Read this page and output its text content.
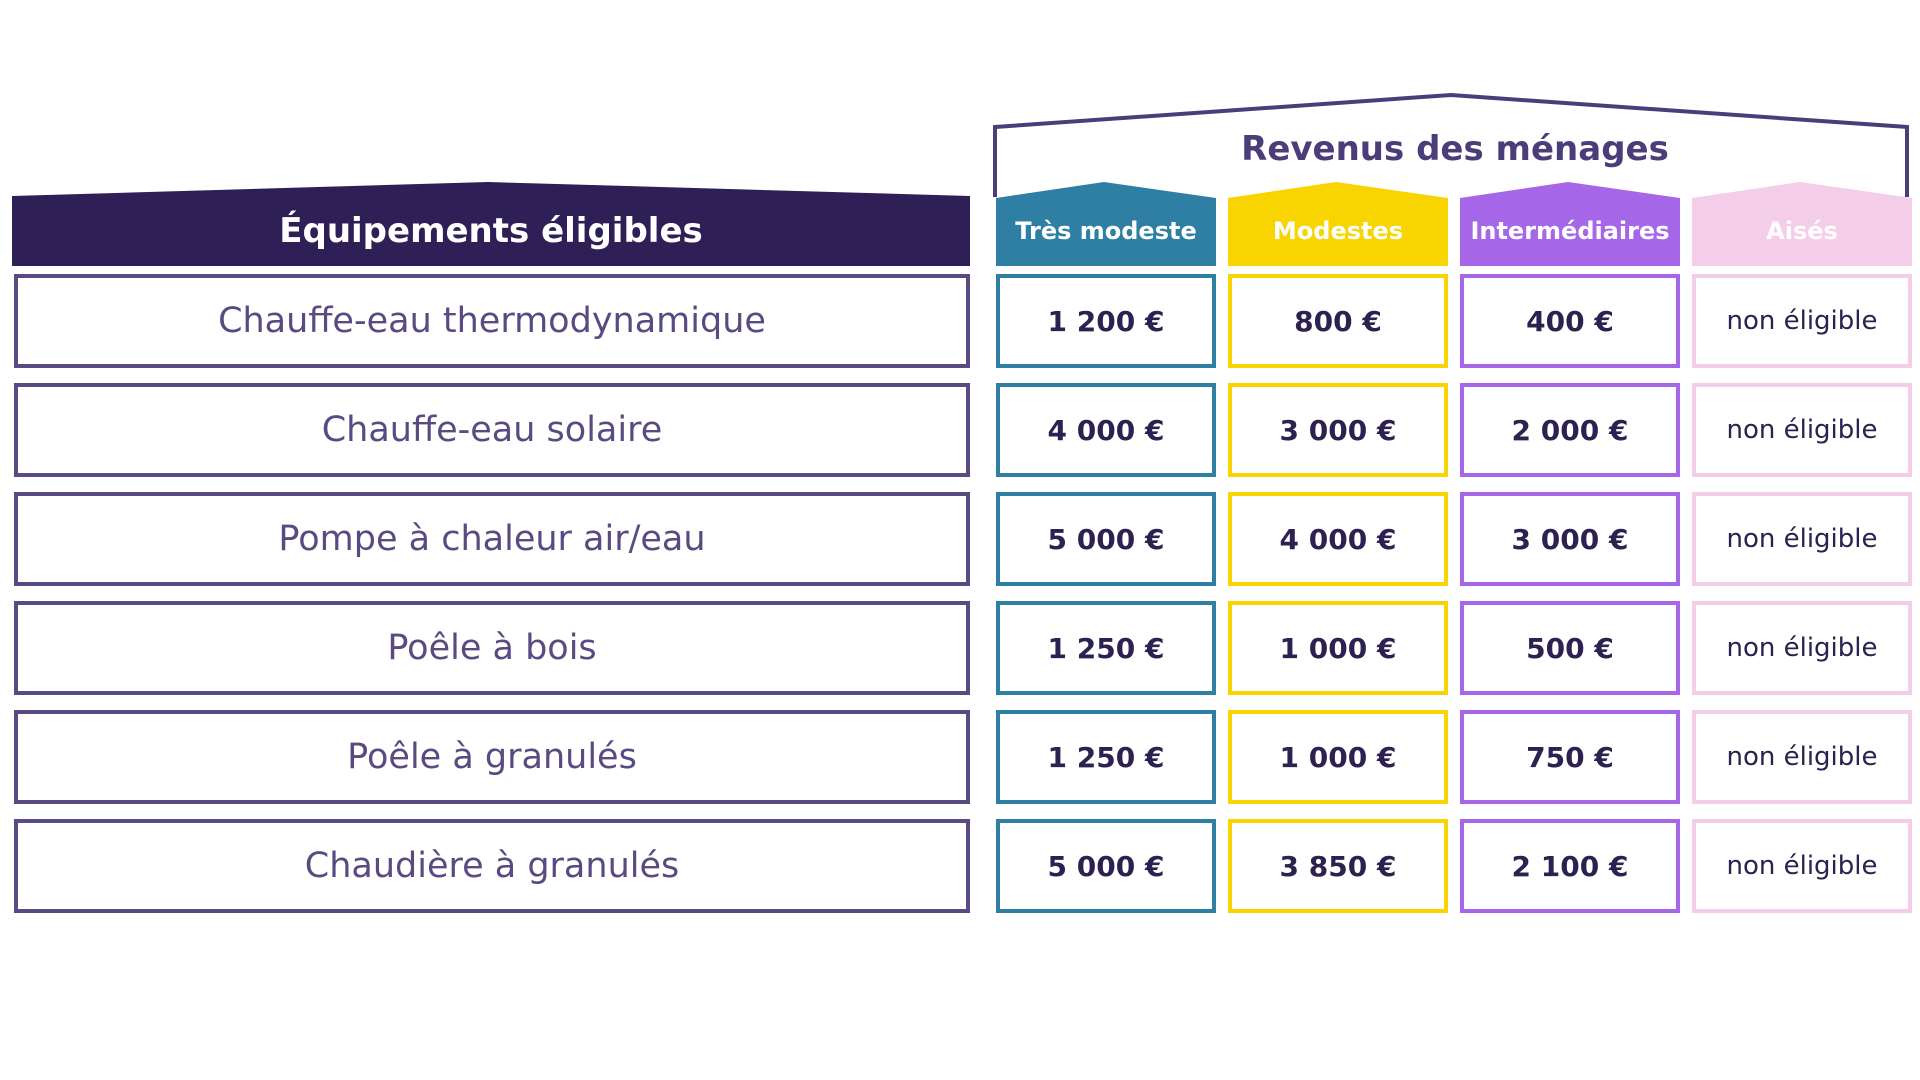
Équipements éligibles
Revenus des ménages
Très modeste	Modestes	Intermédiaires	Aisés
Chauffe-eau thermodynamique	1 200 €	800 €	400 €	non éligible
Chauffe-eau solaire	4 000 €	3 000 €	2 000 €	non éligible
Pompe à chaleur air/eau	5 000 €	4 000 €	3 000 €	non éligible
Poêle à bois	1 250 €	1 000 €	500 €	non éligible
Poêle à granulés	1 250 €	1 000 €	750 €	non éligible
Chaudière à granulés	5 000 €	3 850 €	2 100 €	non éligible
